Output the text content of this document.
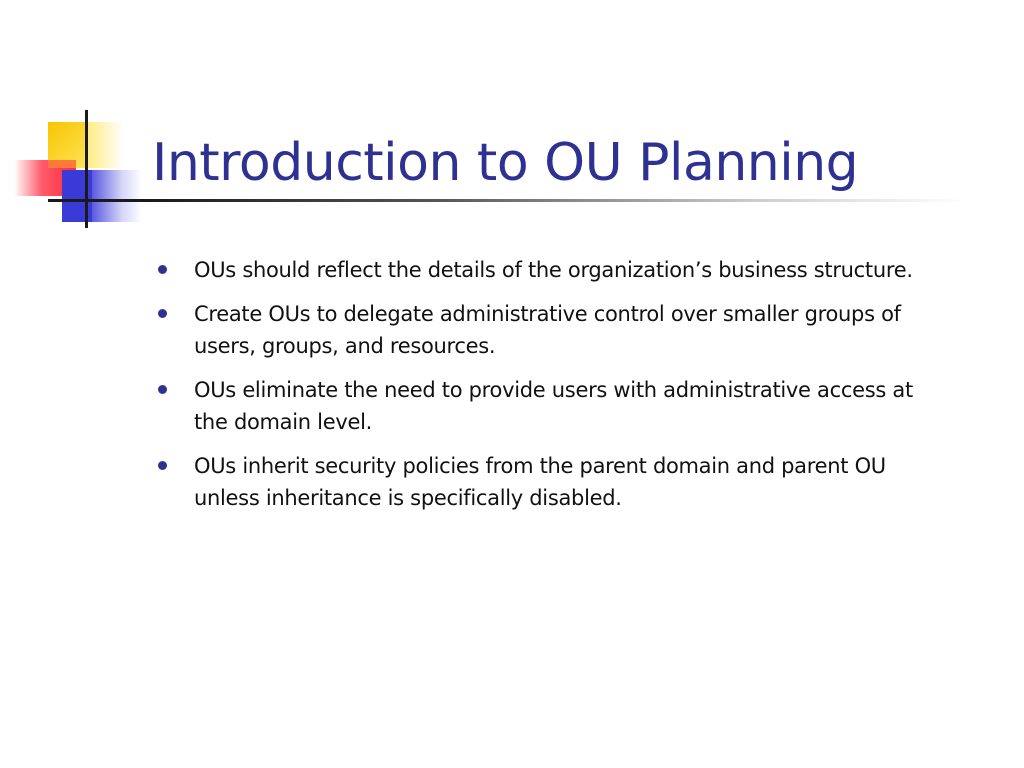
Introduction to OU Planning
OUs should reflect the details of the organization’s business structure.
Create OUs to delegate administrative control over smaller groups of users, groups, and resources.
OUs eliminate the need to provide users with administrative access at the domain level.
OUs inherit security policies from the parent domain and parent OU unless inheritance is specifically disabled.
